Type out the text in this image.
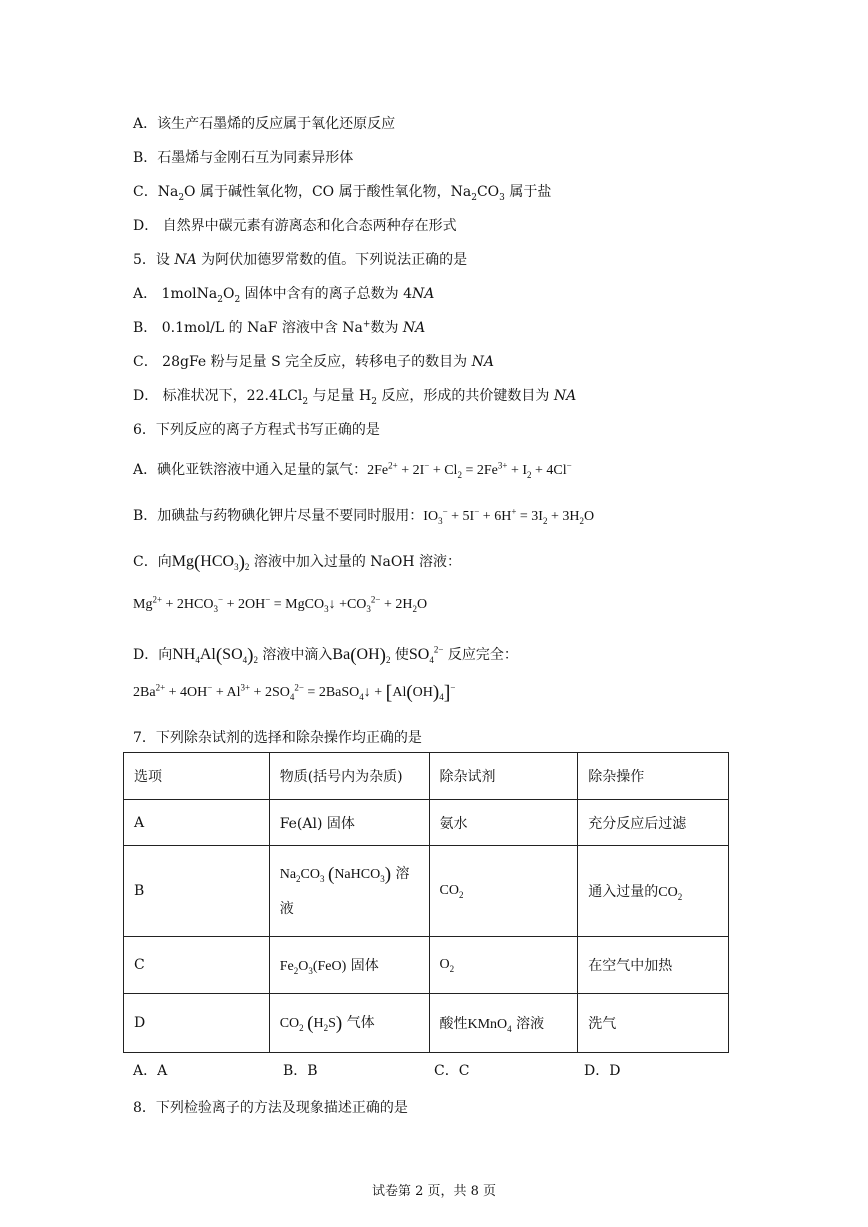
A．该生产石墨烯的反应属于氧化还原反应
B．石墨烯与金刚石互为同素异形体
C．$Na_2O$ 属于碱性氧化物，CO 属于酸性氧化物，$Na_2CO_3$ 属于盐
D． 自然界中碳元素有游离态和化合态两种存在形式
5．设 NA 为阿伏加德罗常数的值。下列说法正确的是
A． $1molNa_2O_2$ 固体中含有的离子总数为 4NA
B． 0.1mol/L 的 NaF 溶液中含 Na+数为 NA
C． 28gFe 粉与足量 S 完全反应，转移电子的数目为 NA
D． 标准状况下，22.4LCl$_2$ 与足量 $H_2$ 反应，形成的共价键数目为 NA
6．下列反应的离子方程式书写正确的是
A．碘化亚铁溶液中通入足量的氯气：$2Fe^{2+} + 2I^- + Cl_2 = 2Fe^{3+} + I_2 + 4Cl^-$
B．加碘盐与药物碘化钾片尽量不要同时服用：$IO_3^- + 5I^- + 6H^+ = 3I_2 + 3H_2O$
C．向$Mg(HCO_3)_2$ 溶液中加入过量的 NaOH 溶液：
$Mg^{2+} + 2HCO_3^- + 2OH^-$ = MgCO$_3$↓ $+CO_3^{2-} + 2H_2O$
D．向$NH_4Al(SO_4)_2$ 溶液中滴入$Ba(OH)_2$ 使$SO_4^{2-}$ 反应完全：
$2Ba^{2+} + 4OH^- + Al^{3+} + 2SO_4^{2-}$ = 2BaSO$_4$↓ + $[Al(OH)_4]^-$
7．下列除杂试剂的选择和除杂操作均正确的是
选项	物质(括号内为杂质)	除杂试剂	除杂操作
A	Fe(Al) 固体	氨水	充分反应后过滤
B	$Na_2CO_3$ (NaHCO$_3$) 溶
液	$CO_2$	通入过量的$CO_2$
C	$Fe_2O_3(FeO)$ 固体	$O_2$	在空气中加热
D	$CO_2$ $(H_2S)$ 气体	酸性KMnO$_4$ 溶液	洗气
A．A	B．B	C．C	D．D
8．下列检验离子的方法及现象描述正确的是
试卷第 2 页，共 8 页
